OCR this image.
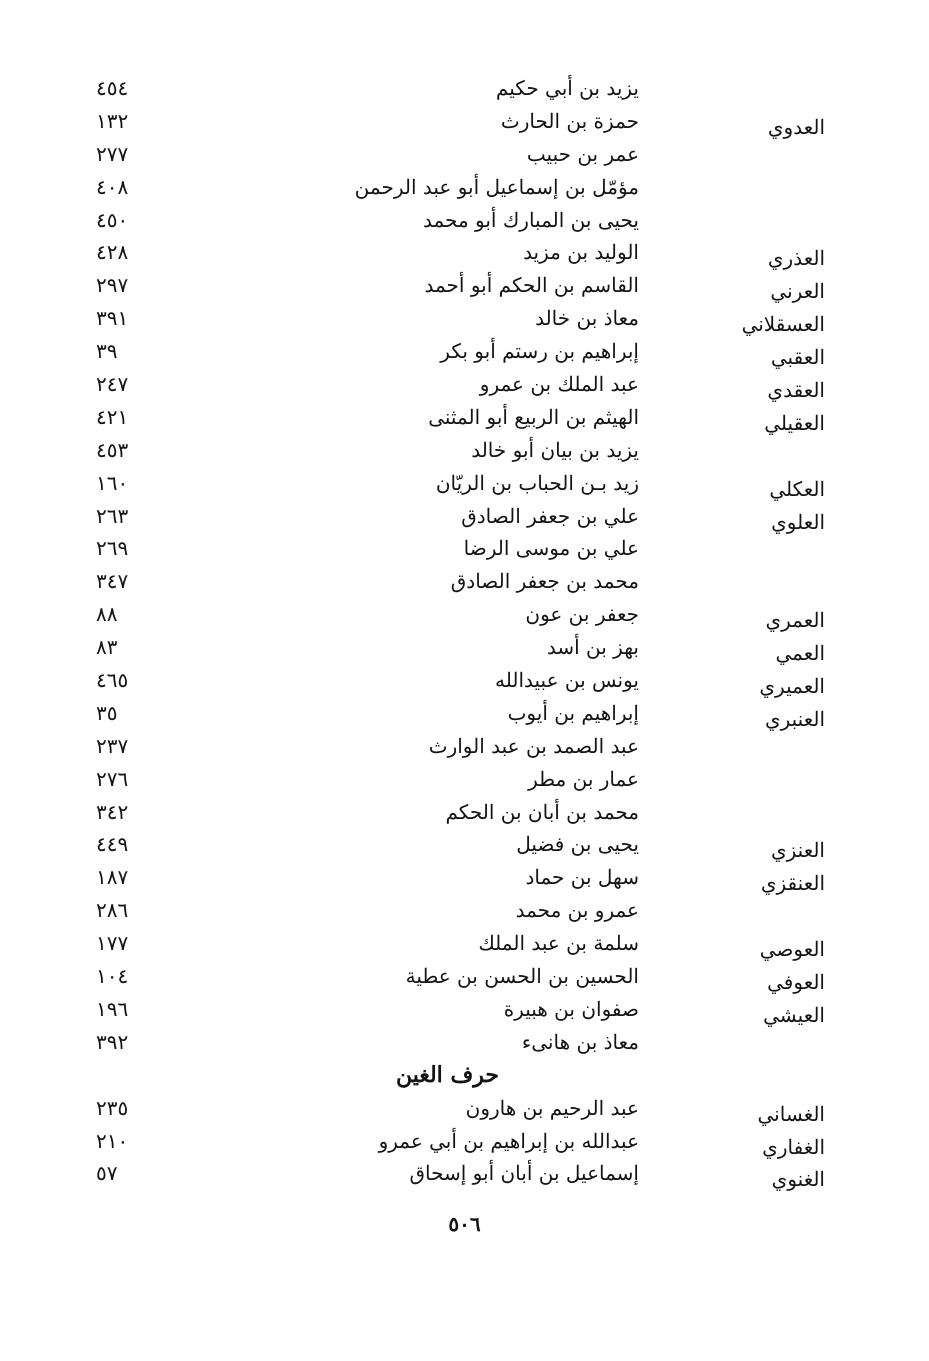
يزيد بن أبي حكيم
٤٥٤
العدوي
حمزة بن الحارث
١٣٢
عمر بن حبيب
٢٧٧
مؤمّل بن إسماعيل أبو عبد الرحمن
٤٠٨
يحيى بن المبارك أبو محمد
٤٥٠
العذري
الوليد بن مزيد
٤٢٨
العرني
القاسم بن الحكم أبو أحمد
٢٩٧
العسقلاني
معاذ بن خالد
٣٩١
العقبي
إبراهيم بن رستم أبو بكر
٣٩
العقدي
عبد الملك بن عمرو
٢٤٧
العقيلي
الهيثم بن الربيع أبو المثنى
٤٢١
يزيد بن بيان أبو خالد
٤٥٣
العكلي
زيد بـن الحباب بن الريّان
١٦٠
العلوي
علي بن جعفر الصادق
٢٦٣
علي بن موسى الرضا
٢٦٩
محمد بن جعفر الصادق
٣٤٧
العمري
جعفر بن عون
٨٨
العمي
بهز بن أسد
٨٣
العميري
يونس بن عبيدالله
٤٦٥
العنبري
إبراهيم بن أيوب
٣٥
عبد الصمد بن عبد الوارث
٢٣٧
عمار بن مطر
٢٧٦
محمد بن أبان بن الحكم
٣٤٢
العنزي
يحيى بن فضيل
٤٤٩
العنقزي
سهل بن حماد
١٨٧
عمرو بن محمد
٢٨٦
العوصي
سلمة بن عبد الملك
١٧٧
العوفي
الحسين بن الحسن بن عطية
١٠٤
العيشي
صفوان بن هبيرة
١٩٦
معاذ بن هانىء
٣٩٢
حرف الغين
الغساني
عبد الرحيم بن هارون
٢٣٥
الغفاري
عبدالله بن إبراهيم بن أبي عمرو
٢١٠
الغنوي
إسماعيل بن أبان أبو إسحاق
٥٧
٥٠٦
